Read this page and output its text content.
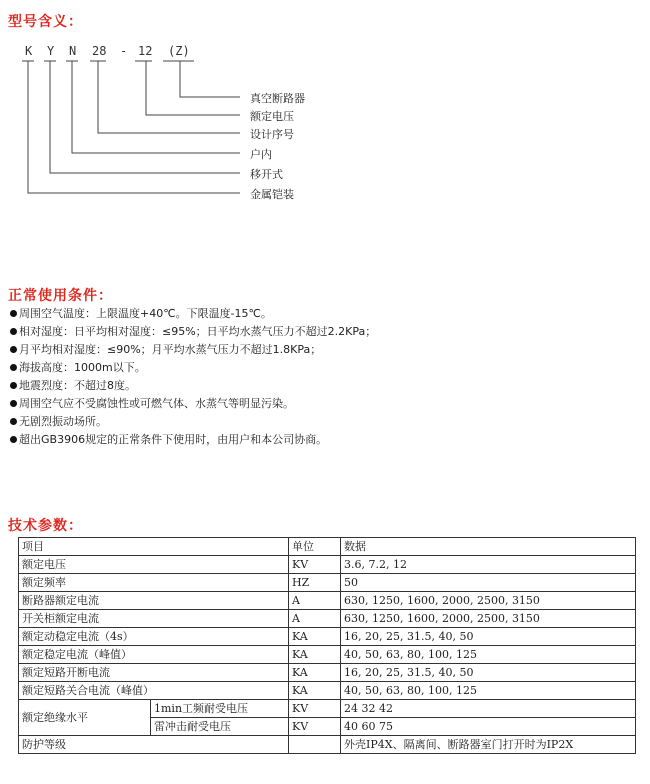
型号含义：
K Y N 28 - 12 (Z)
真空断路器
额定电压
设计序号
户内
移开式
金属铠装
正常使用条件：
周围空气温度：上限温度+40℃。下限温度-15℃。
相对湿度：日平均相对湿度：≤95%；日平均水蒸气压力不超过2.2KPa；
月平均相对湿度：≤90%；月平均水蒸气压力不超过1.8KPa；
海拔高度：1000m以下。
地震烈度：不超过8度。
周围空气应不受腐蚀性或可燃气体、水蒸气等明显污染。
无剧烈振动场所。
超出GB3906规定的正常条件下使用时，由用户和本公司协商。
技术参数：
项目		单位	数据
额定电压		KV	3.6, 7.2, 12
额定频率		HZ	50
断路器额定电流		A	630, 1250, 1600, 2000, 2500, 3150
开关柜额定电流		A	630, 1250, 1600, 2000, 2500, 3150
额定动稳定电流（4s）		KA	16, 20, 25, 31.5, 40, 50
额定稳定电流（峰值）		KA	40, 50, 63, 80, 100, 125
额定短路开断电流		KA	16, 20, 25, 31.5, 40, 50
额定短路关合电流（峰值）		KA	40, 50, 63, 80, 100, 125
额定绝缘水平	1min工频耐受电压	KV	24 32 42
	雷冲击耐受电压	KV	40 60 75
防护等级			外壳IP4X、隔离间、断路器室门打开时为IP2X
